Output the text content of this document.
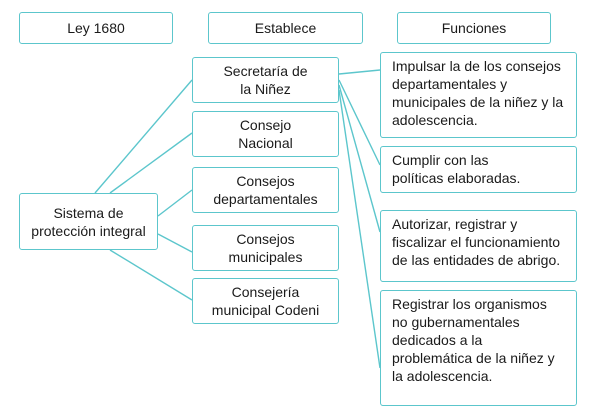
Ley 1680	Establece	Funciones
Sistema de
protección integral
Secretaría de
la Niñez
Consejo
Nacional
Consejos
departamentales
Consejos
municipales
Consejería
municipal Codeni
Impulsar la de los consejos
departamentales y
municipales de la niñez y la
adolescencia.
Cumplir con las
políticas elaboradas.
Autorizar, registrar y
fiscalizar el funcionamiento
de las entidades de abrigo.
Registrar los organismos
no gubernamentales
dedicados a la
problemática de la niñez y
la adolescencia.
